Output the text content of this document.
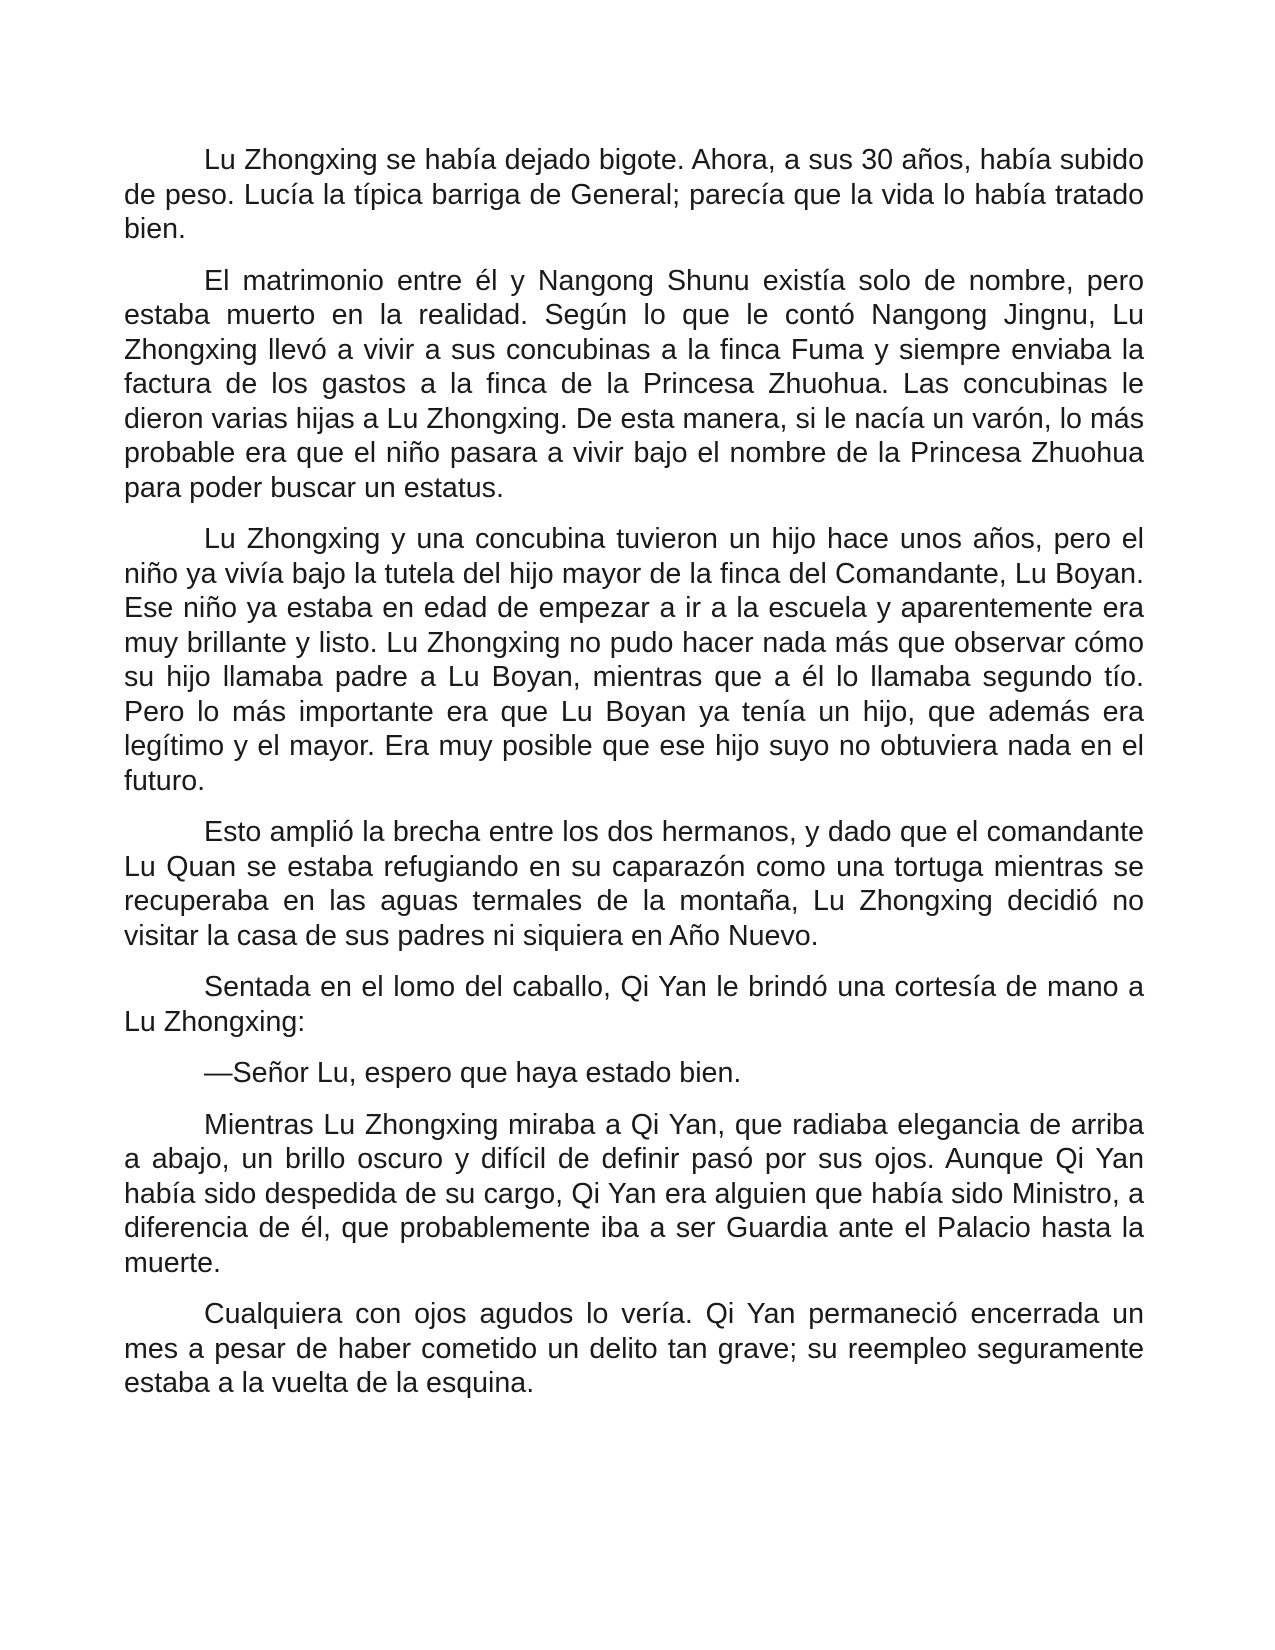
Lu Zhongxing se había dejado bigote. Ahora, a sus 30 años, había subido de peso. Lucía la típica barriga de General; parecía que la vida lo había tratado bien.

El matrimonio entre él y Nangong Shunu existía solo de nombre, pero estaba muerto en la realidad. Según lo que le contó Nangong Jingnu, Lu Zhongxing llevó a vivir a sus concubinas a la finca Fuma y siempre enviaba la factura de los gastos a la finca de la Princesa Zhuohua. Las concubinas le dieron varias hijas a Lu Zhongxing. De esta manera, si le nacía un varón, lo más probable era que el niño pasara a vivir bajo el nombre de la Princesa Zhuohua para poder buscar un estatus.

Lu Zhongxing y una concubina tuvieron un hijo hace unos años, pero el niño ya vivía bajo la tutela del hijo mayor de la finca del Comandante, Lu Boyan. Ese niño ya estaba en edad de empezar a ir a la escuela y aparentemente era muy brillante y listo. Lu Zhongxing no pudo hacer nada más que observar cómo su hijo llamaba padre a Lu Boyan, mientras que a él lo llamaba segundo tío. Pero lo más importante era que Lu Boyan ya tenía un hijo, que además era legítimo y el mayor. Era muy posible que ese hijo suyo no obtuviera nada en el futuro.

Esto amplió la brecha entre los dos hermanos, y dado que el comandante Lu Quan se estaba refugiando en su caparazón como una tortuga mientras se recuperaba en las aguas termales de la montaña, Lu Zhongxing decidió no visitar la casa de sus padres ni siquiera en Año Nuevo.

Sentada en el lomo del caballo, Qi Yan le brindó una cortesía de mano a Lu Zhongxing:

—Señor Lu, espero que haya estado bien.

Mientras Lu Zhongxing miraba a Qi Yan, que radiaba elegancia de arriba a abajo, un brillo oscuro y difícil de definir pasó por sus ojos. Aunque Qi Yan había sido despedida de su cargo, Qi Yan era alguien que había sido Ministro, a diferencia de él, que probablemente iba a ser Guardia ante el Palacio hasta la muerte.

Cualquiera con ojos agudos lo vería. Qi Yan permaneció encerrada un mes a pesar de haber cometido un delito tan grave; su reempleo seguramente estaba a la vuelta de la esquina.
